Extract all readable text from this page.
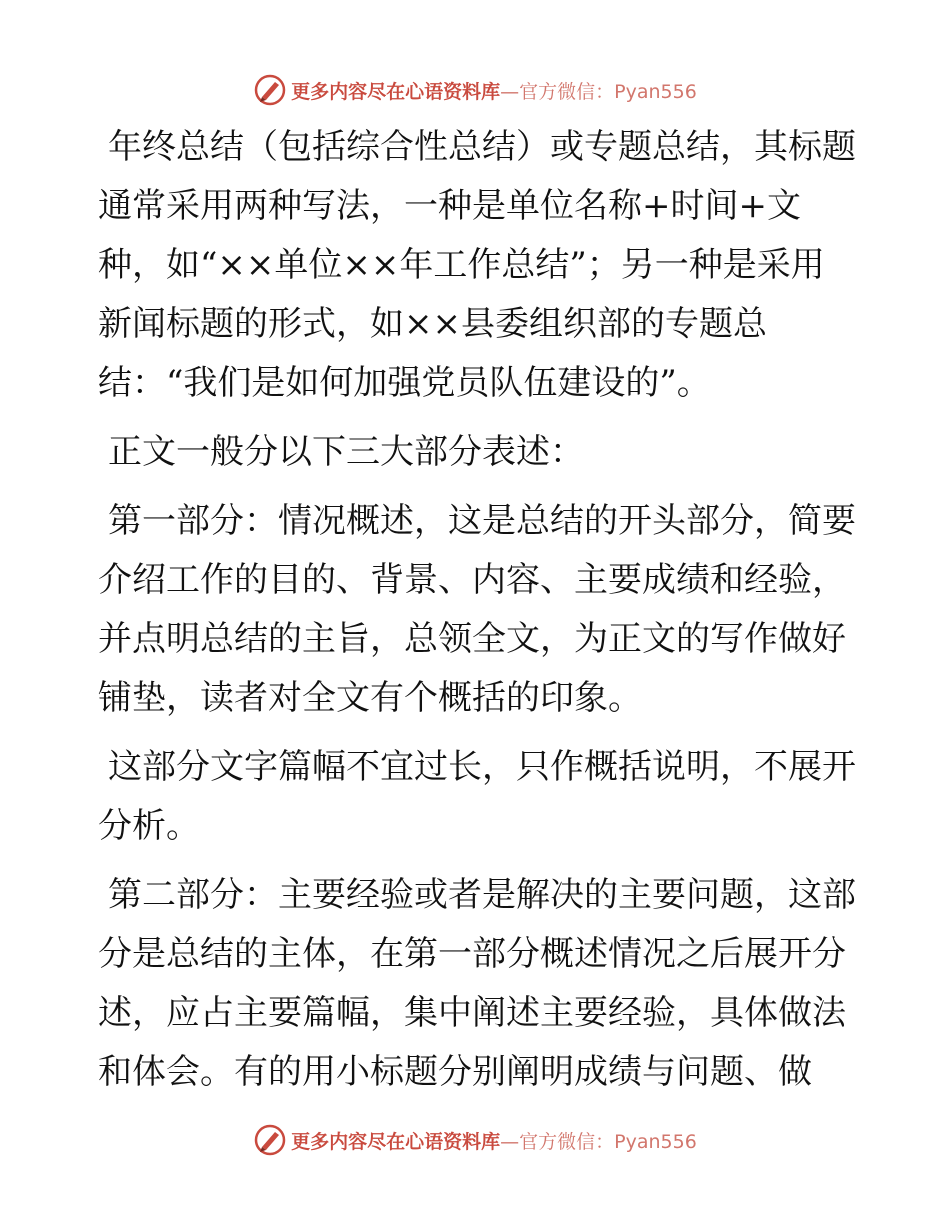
更多内容尽在心语资料库—官方微信：Pyan556

年终总结（包括综合性总结）或专题总结，其标题通常采用两种写法，一种是单位名称+时间+文种，如“××单位××年工作总结”；另一种是采用新闻标题的形式，如××县委组织部的专题总结：“我们是如何加强党员队伍建设的”。

正文一般分以下三大部分表述：

第一部分：情况概述，这是总结的开头部分，简要介绍工作的目的、背景、内容、主要成绩和经验，并点明总结的主旨，总领全文，为正文的写作做好铺垫，读者对全文有个概括的印象。

这部分文字篇幅不宜过长，只作概括说明，不展开分析。

第二部分：主要经验或者是解决的主要问题，这部分是总结的主体，在第一部分概述情况之后展开分述，应占主要篇幅，集中阐述主要经验，具体做法和体会。有的用小标题分别阐明成绩与问题、做

更多内容尽在心语资料库—官方微信：Pyan556
